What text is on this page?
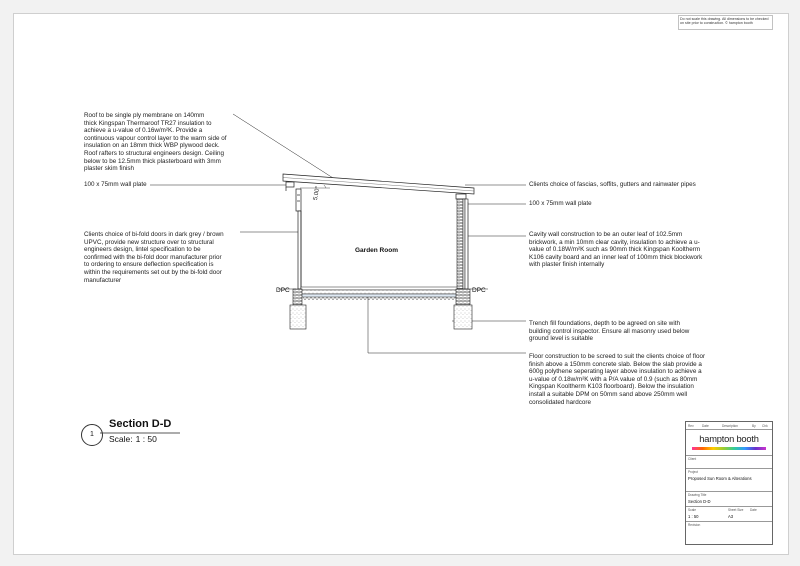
Do not scale this drawing. All dimensions to be checked on site prior to construction. © hampton booth
Roof to be single ply membrane on 140mm
thick Kingspan Thermaroof TR27 insulation to
achieve a u-value of 0.16w/m²K. Provide a
continuous vapour control layer to the warm side of
insulation on an 18mm thick WBP plywood deck.
Roof rafters to structural engineers design. Ceiling
below to be 12.5mm thick plasterboard with 3mm
plaster skim finish
100 x 75mm wall plate
Clients choice of bi-fold doors in dark grey / brown
UPVC, provide new structure over to structural
engineers design, lintel specification to be
confirmed with the bi-fold door manufacturer prior
to ordering to ensure deflection specification is
within the requirements set out by the bi-fold door
manufacturer
Clients choice of fascias, soffits, gutters and rainwater pipes
100 x 75mm wall plate
Cavity wall construction to be an outer leaf of 102.5mm
brickwork, a min 10mm clear cavity, insulation to achieve a u-
value of 0.18W/m²K such as 90mm thick Kingspan Kooltherm
K106 cavity board and an inner leaf of 100mm thick blockwork
with plaster finish internally
Trench fill foundations, depth to be agreed on site with
building control inspector. Ensure all masonry used below
ground level is suitable
Floor construction to be screed to suit the clients choice of floor
finish above a 150mm concrete slab. Below the slab provide a
600g polythene seperating layer above insulation to achieve a
u-value of 0.18w/m²K with a P/A value of 0.9 (such as 80mm
Kingspan Kooltherm K103 floorboard). Below the insulation
install a suitable DPM on 50mm sand above 250mm well
consolidated hardcore
5.00°
Garden Room
DPC	DPC
1
Section D-D
Scale: 1 : 50
Rev	Date	Description	By Chk
hampton booth
Client
Project
Proposed Sun Room & Alterations
Drawing Title
Section D-D
Scale	Sheet Size Date
1 : 50	A3
Revision
